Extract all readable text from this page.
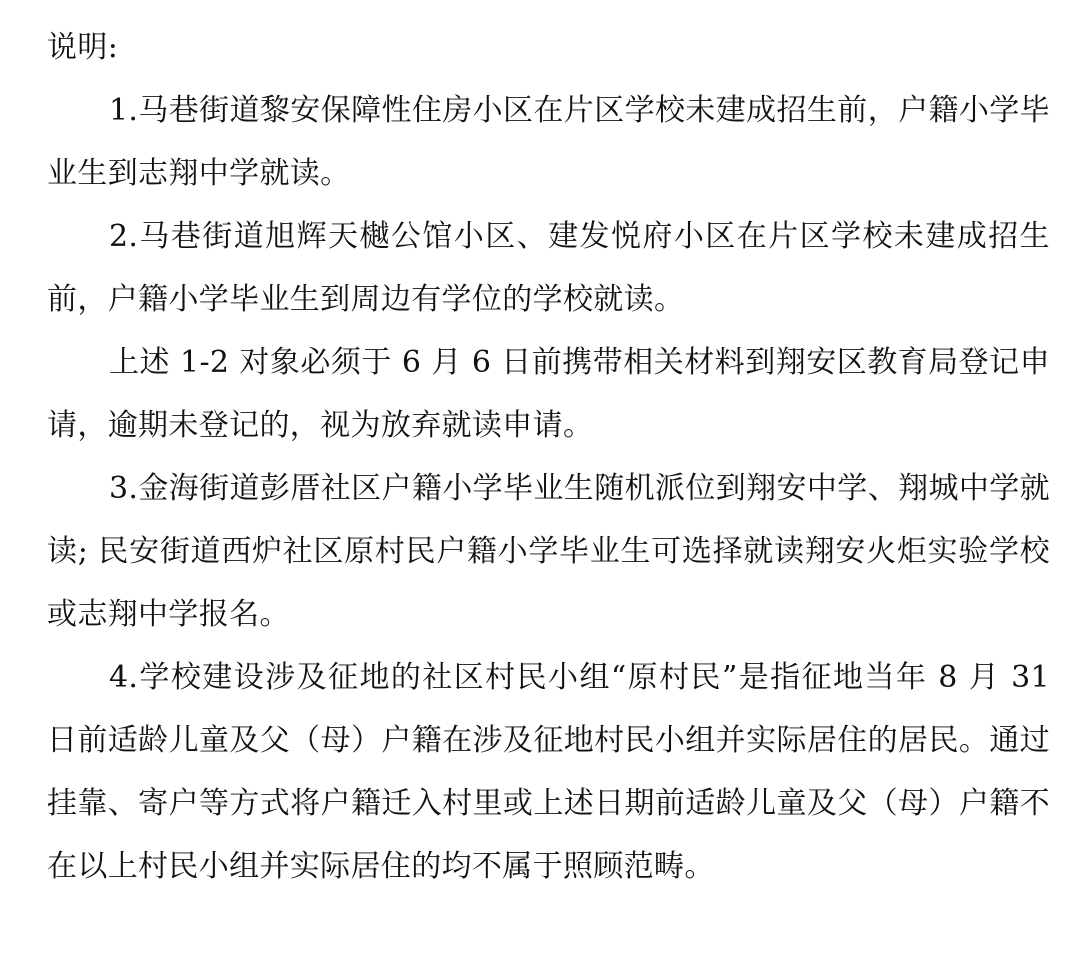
说明:

1.马巷街道黎安保障性住房小区在片区学校未建成招生前，户籍小学毕业生到志翔中学就读。

2.马巷街道旭辉天樾公馆小区、建发悦府小区在片区学校未建成招生前，户籍小学毕业生到周边有学位的学校就读。

上述 1-2 对象必须于 6 月 6 日前携带相关材料到翔安区教育局登记申请，逾期未登记的，视为放弃就读申请。

3.金海街道彭厝社区户籍小学毕业生随机派位到翔安中学、翔城中学就读; 民安街道西炉社区原村民户籍小学毕业生可选择就读翔安火炬实验学校或志翔中学报名。

4.学校建设涉及征地的社区村民小组“原村民”是指征地当年 8 月 31 日前适龄儿童及父（母）户籍在涉及征地村民小组并实际居住的居民。通过挂靠、寄户等方式将户籍迁入村里或上述日期前适龄儿童及父（母）户籍不在以上村民小组并实际居住的均不属于照顾范畴。
